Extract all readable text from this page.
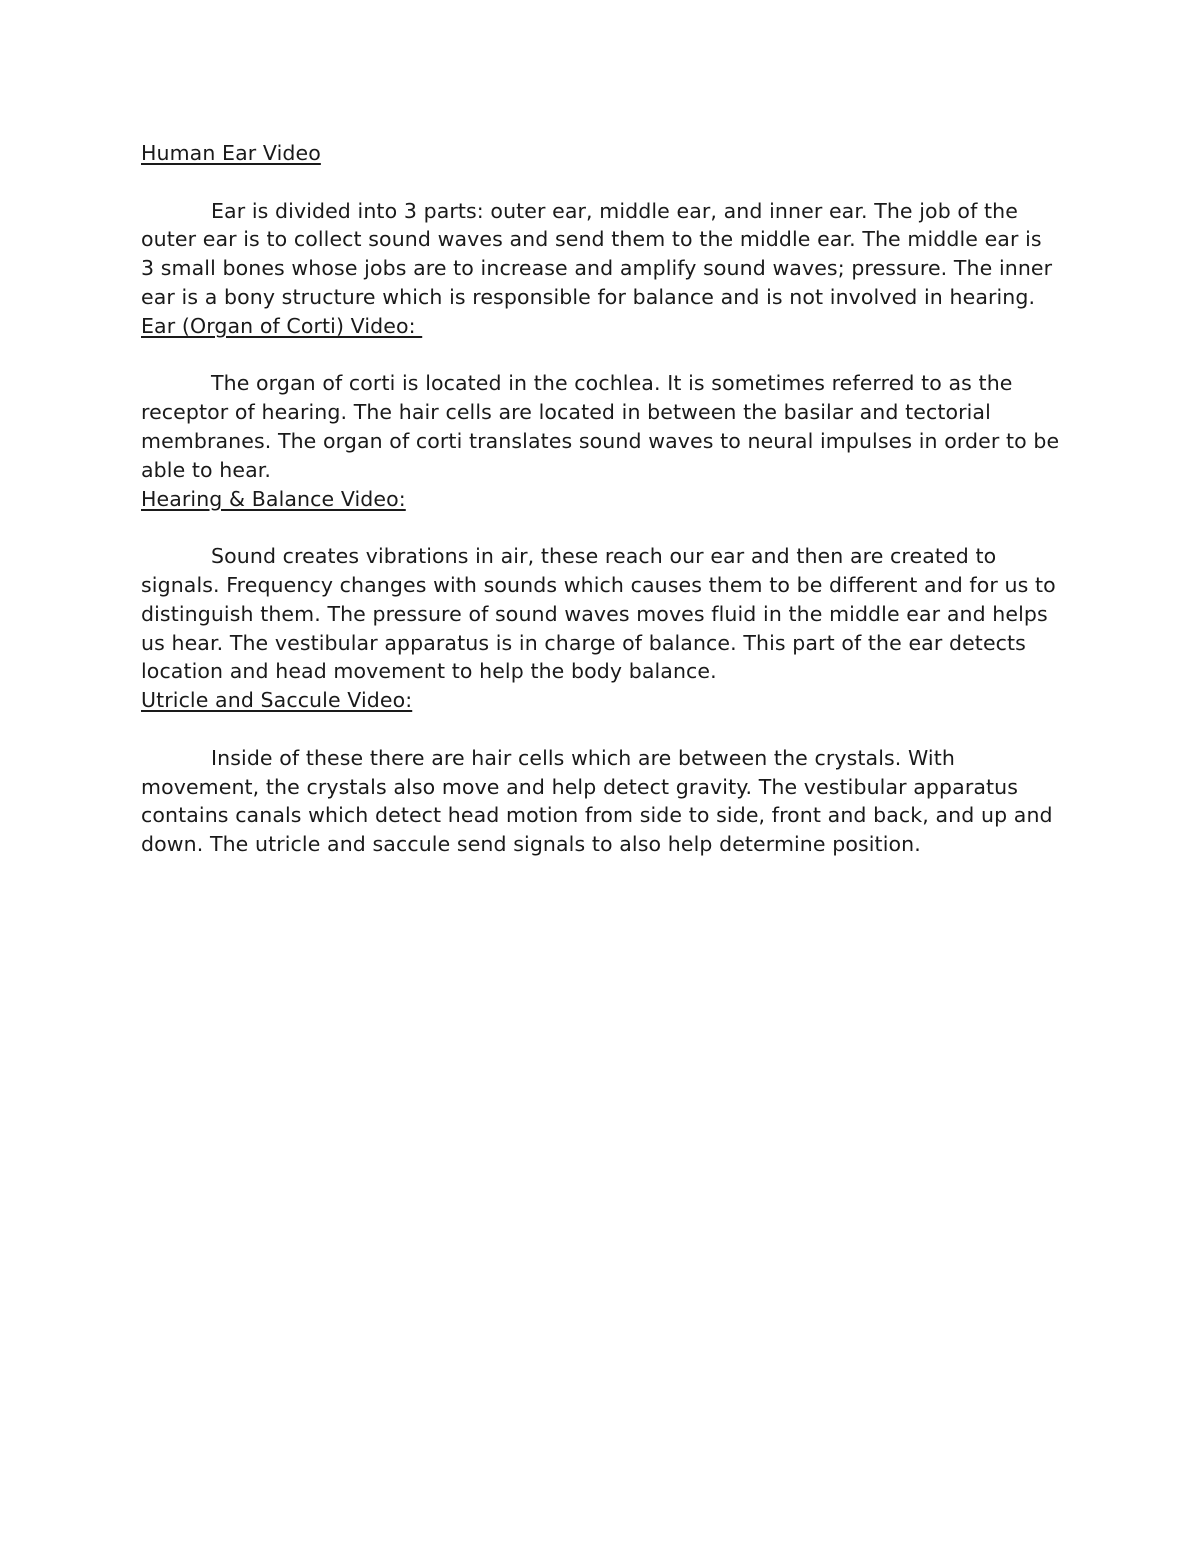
Human Ear Video

Ear is divided into 3 parts: outer ear, middle ear, and inner ear. The job of the outer ear is to collect sound waves and send them to the middle ear. The middle ear is 3 small bones whose jobs are to increase and amplify sound waves; pressure. The inner ear is a bony structure which is responsible for balance and is not involved in hearing.

Ear (Organ of Corti) Video:

The organ of corti is located in the cochlea. It is sometimes referred to as the receptor of hearing. The hair cells are located in between the basilar and tectorial membranes. The organ of corti translates sound waves to neural impulses in order to be able to hear.

Hearing & Balance Video:

Sound creates vibrations in air, these reach our ear and then are created to signals. Frequency changes with sounds which causes them to be different and for us to distinguish them. The pressure of sound waves moves fluid in the middle ear and helps us hear. The vestibular apparatus is in charge of balance. This part of the ear detects location and head movement to help the body balance.

Utricle and Saccule Video:

Inside of these there are hair cells which are between the crystals. With movement, the crystals also move and help detect gravity. The vestibular apparatus contains canals which detect head motion from side to side, front and back, and up and down. The utricle and saccule send signals to also help determine position.
